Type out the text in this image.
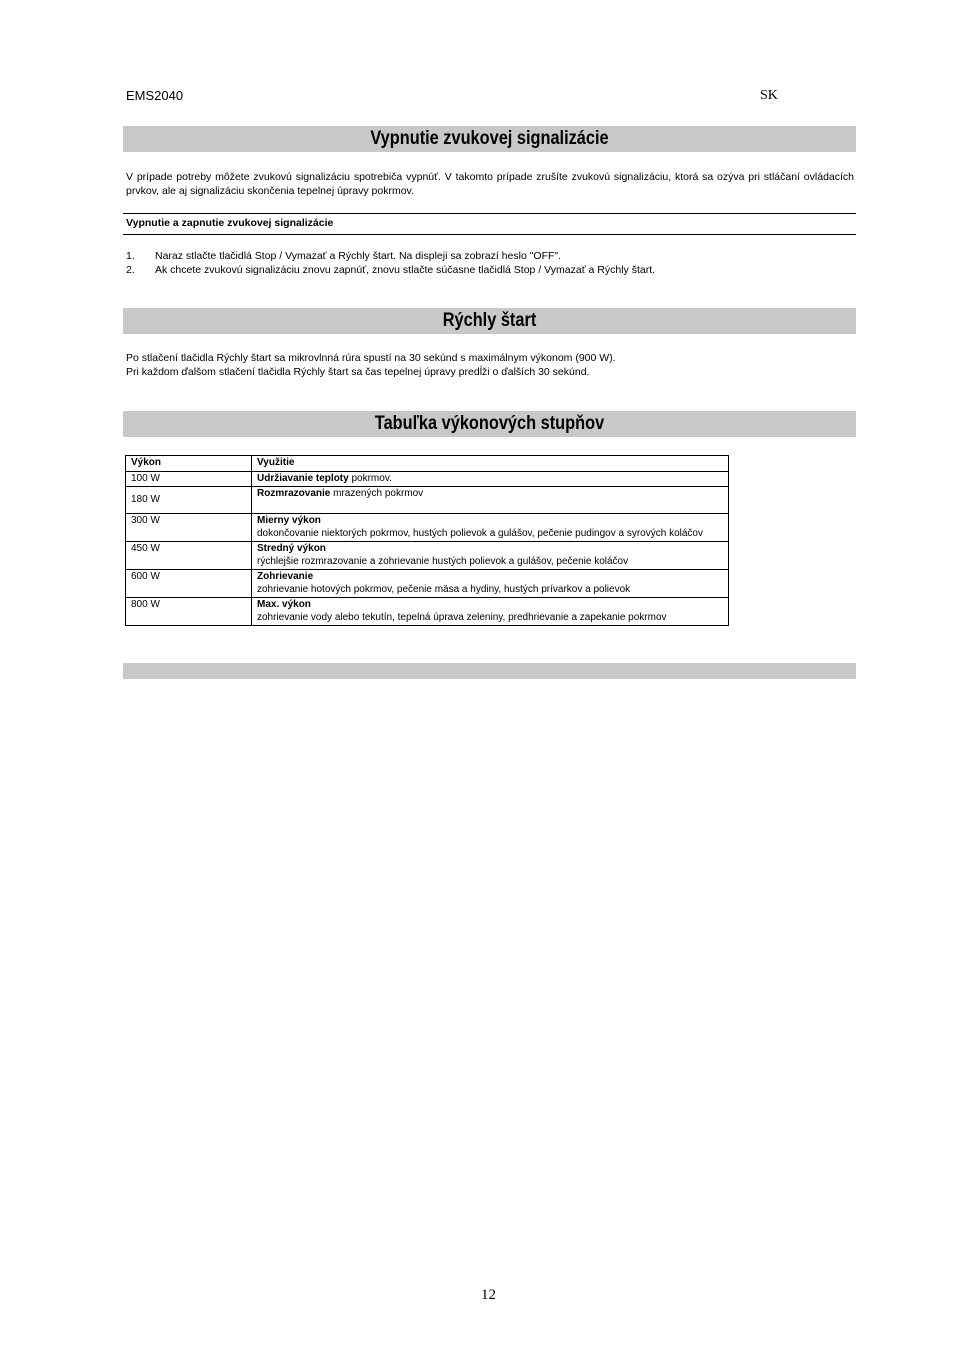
EMS2040	SK
Vypnutie zvukovej signalizácie
V prípade potreby môžete zvukovú signalizáciu spotrebiča vypnúť. V takomto prípade zrušíte zvukovú signalizáciu, ktorá sa ozýva pri stláčaní ovládacích prvkov, ale aj signalizáciu skončenia tepelnej úpravy pokrmov.
Vypnutie a zapnutie zvukovej signalizácie
1. Naraz stlačte tlačidlá Stop / Vymazať a Rýchly štart. Na displeji sa zobrazí heslo "OFF".
2. Ak chcete zvukovú signalizáciu znovu zapnúť, znovu stlačte súčasne tlačidlá Stop / Vymazať a Rýchly štart.
Rýchly štart
Po stlačení tlačidla Rýchly štart sa mikrovlnná rúra spustí na 30 sekúnd s maximálnym výkonom (900 W).
Pri každom ďalšom stlačení tlačidla Rýchly štart sa čas tepelnej úpravy predĺži o ďalších 30 sekúnd.
Tabuľka výkonových stupňov
Výkon	Využitie
100 W	Udržiavanie teploty pokrmov.
180 W	Rozmrazovanie mrazených pokrmov
300 W	Mierny výkon
dokončovanie niektorých pokrmov, hustých polievok a gulášov, pečenie pudingov a syrových koláčov

450 W	Stredný výkon
rýchlejšie rozmrazovanie a zohrievanie hustých polievok a gulášov, pečenie koláčov

600 W	Zohrievanie
zohrievanie hotových pokrmov, pečenie mäsa a hydiny, hustých prívarkov a polievok

800 W	Max. výkon
zohrievanie vody alebo tekutín, tepelná úprava zeleniny, predhrievanie a zapekanie pokrmov
12
